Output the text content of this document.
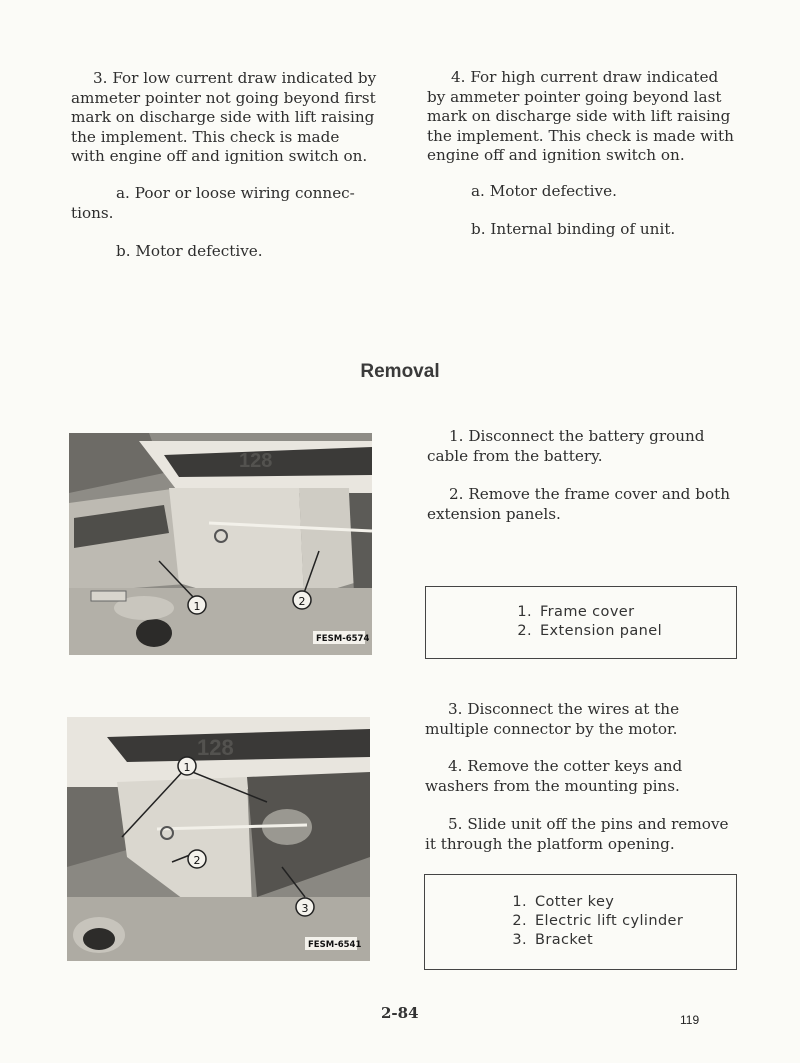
3. For low current draw indicated by ammeter pointer not going beyond first mark on discharge side with lift raising the implement. This check is made with engine off and ignition switch on.
a. Poor or loose wiring connec-
tions.
b. Motor defective.
4. For high current draw indicated by ammeter pointer going beyond last mark on discharge side with lift raising the implement. This check is made with engine off and ignition switch on.
a. Motor defective.
b. Internal binding of unit.
Removal
128
1	2
FESM-6574
1. Disconnect the battery ground cable from the battery.
2. Remove the frame cover and both extension panels.
1. Frame cover
2. Extension panel
128
1
2
3
FESM-6541
3. Disconnect the wires at the multiple connector by the motor.
4. Remove the cotter keys and washers from the mounting pins.
5. Slide unit off the pins and remove it through the platform opening.
1. Cotter key
2. Electric lift cylinder
3. Bracket
2-84	119
